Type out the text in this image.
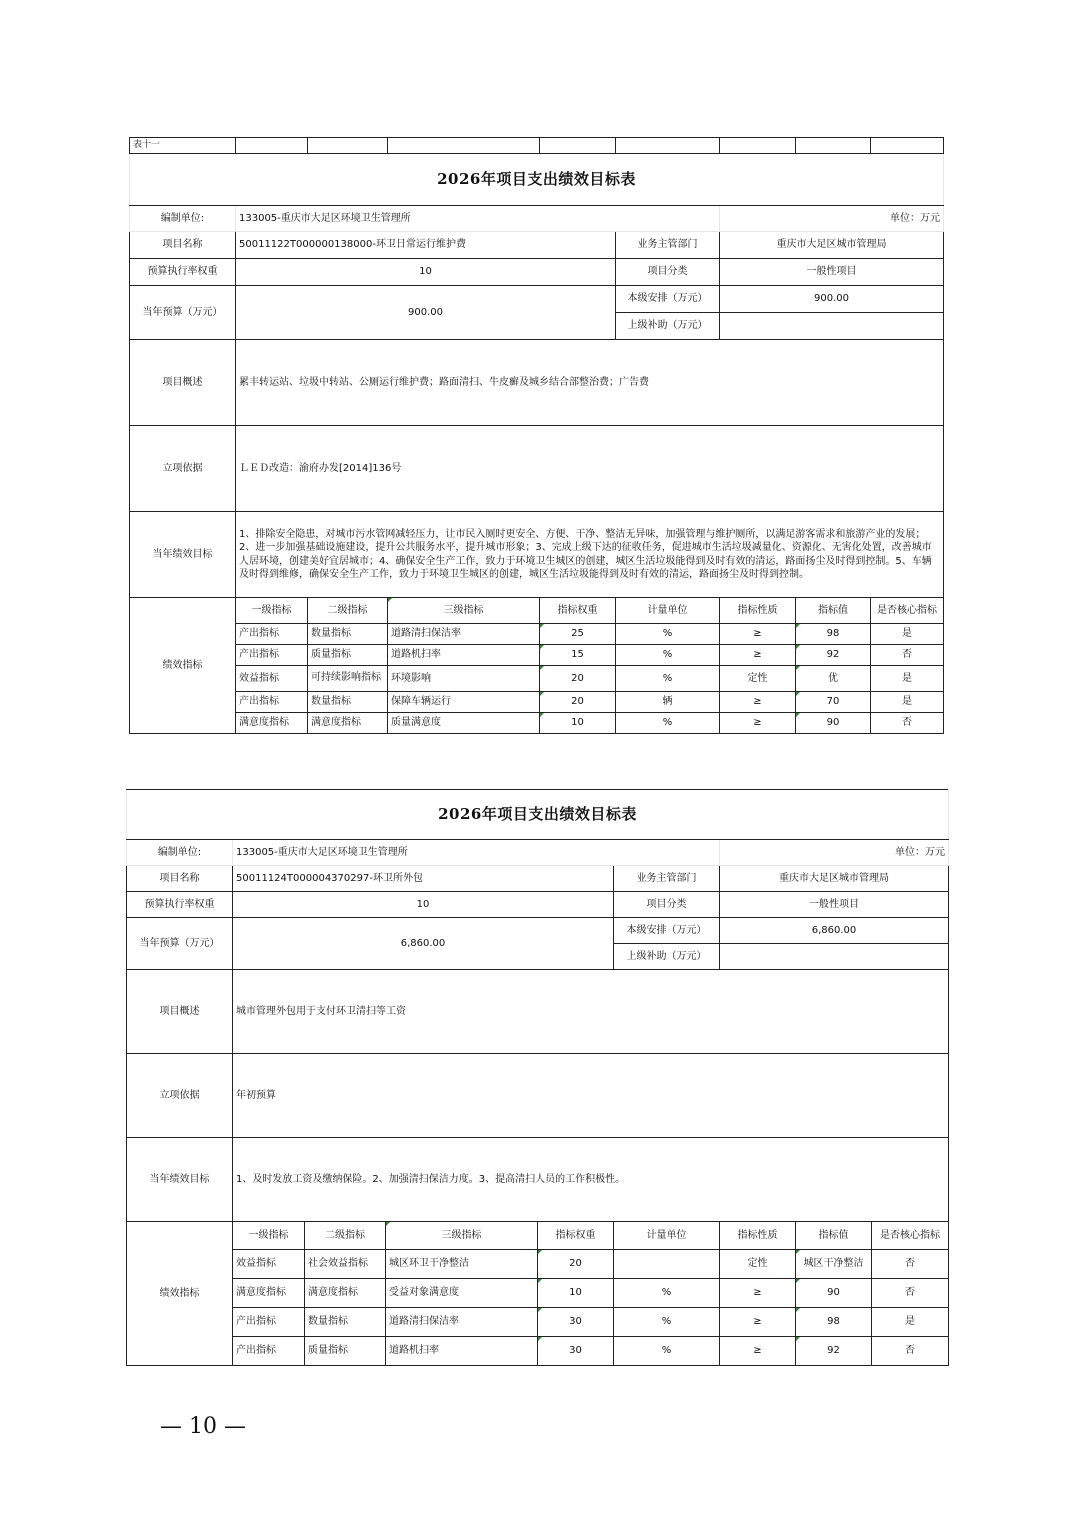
表十一								
2026年项目支出绩效目标表								
编制单位:	133005-重庆市大足区环境卫生管理所					单位：万元		
项目名称	50011122T000000138000-环卫日常运行维护费				业务主管部门	重庆市大足区城市管理局		
预算执行率权重	10				项目分类	一般性项目		
当年预算（万元）	900.00				本级安排（万元）	900.00		
					上级补助（万元）			
项目概述	累丰转运站、垃圾中转站、公厕运行维护费；路面清扫、牛皮癣及城乡结合部整治费；广告费							
立项依据	ＬＥＤ改造：渝府办发[2014]136号							
当年绩效目标	1、排除安全隐患，对城市污水管网减轻压力，让市民入厕时更安全、方便、干净、整洁无异味，加强管理与维护厕所，以满足游客需求和旅游产业的发展；2、进一步加强基础设施建设，提升公共服务水平，提升城市形象；3、完成上级下达的征收任务，促进城市生活垃圾减量化、资源化、无害化处置，改善城市人居环境，创建美好宜居城市；4、确保安全生产工作，致力于环境卫生城区的创建，城区生活垃圾能得到及时有效的清运，路面扬尘及时得到控制。5、车辆及时得到维修，确保安全生产工作，致力于环境卫生城区的创建，城区生活垃圾能得到及时有效的清运，路面扬尘及时得到控制。							
绩效指标	一级指标	二级指标	三级指标	指标权重	计量单位	指标性质	指标值	是否核心指标
	产出指标	数量指标	道路清扫保洁率	25	%	≥	98	是
	产出指标	质量指标	道路机扫率	15	%	≥	92	否
	效益指标	可持续影响指标	环境影响	20	%	定性	优	是
	产出指标	数量指标	保障车辆运行	20	辆	≥	70	是
	满意度指标	满意度指标	质量满意度	10	%	≥	90	否
2026年项目支出绩效目标表								
编制单位:	133005-重庆市大足区环境卫生管理所					单位：万元		
项目名称	50011124T000004370297-环卫所外包				业务主管部门	重庆市大足区城市管理局		
预算执行率权重	10				项目分类	一般性项目		
当年预算（万元）	6,860.00				本级安排（万元）	6,860.00		
					上级补助（万元）			
项目概述	城市管理外包用于支付环卫清扫等工资							
立项依据	年初预算							
当年绩效目标	1、及时发放工资及缴纳保险。2、加强清扫保洁力度。3、提高清扫人员的工作积极性。							
绩效指标	一级指标	二级指标	三级指标	指标权重	计量单位	指标性质	指标值	是否核心指标
	效益指标	社会效益指标	城区环卫干净整洁	20		定性	城区干净整洁	否
	满意度指标	满意度指标	受益对象满意度	10	%	≥	90	否
	产出指标	数量指标	道路清扫保洁率	30	%	≥	98	是
	产出指标	质量指标	道路机扫率	30	%	≥	92	否
— 10 —
